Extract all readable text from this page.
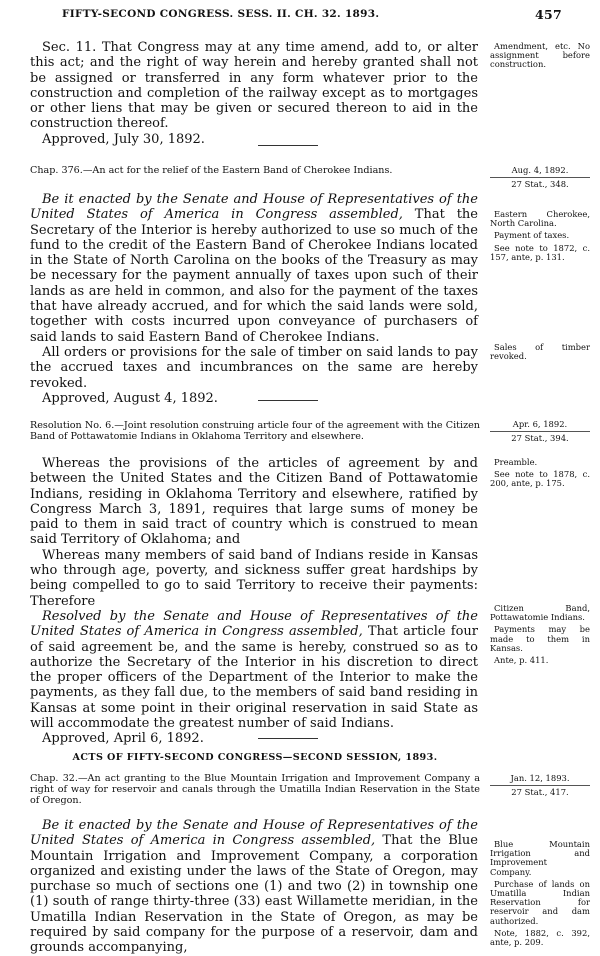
FIFTY-SECOND CONGRESS. SESS. II. CH. 32. 1893.	457

Sec. 11. That Congress may at any time amend, add to, or alter this act; and the right of way herein and hereby granted shall not be assigned or transferred in any form whatever prior to the construction and completion of the railway except as to mortgages or other liens that may be given or secured thereon to aid in the construction thereof.

Approved, July 30, 1892.

Amendment, etc. No assignment before construction.
Chap. 376.—An act for the relief of the Eastern Band of Cherokee Indians.	Aug. 4, 1892.
27 Stat., 348.

Be it enacted by the Senate and House of Representatives of the United States of America in Congress assembled, That the Secretary of the Interior is hereby authorized to use so much of the fund to the credit of the Eastern Band of Cherokee Indians located in the State of North Carolina on the books of the Treasury as may be necessary for the payment annually of taxes upon such of their lands as are held in common, and also for the payment of the taxes that have already accrued, and for which the said lands were sold, together with costs incurred upon conveyance of purchasers of said lands to said Eastern Band of Cherokee Indians.

All orders or provisions for the sale of timber on said lands to pay the accrued taxes and incumbrances on the same are hereby revoked.

Approved, August 4, 1892.

Eastern Cherokee, North Carolina.
Payment of taxes.
See note to 1872, c. 157, ante, p. 131.
Sales of timber revoked.
Resolution No. 6.—Joint resolution construing article four of the agreement with the Citizen Band of Pottawatomie Indians in Oklahoma Territory and elsewhere.
Apr. 6, 1892.
27 Stat., 394.

Whereas the provisions of the articles of agreement by and between the United States and the Citizen Band of Pottawatomie Indians, residing in Oklahoma Territory and elsewhere, ratified by Congress March 3, 1891, requires that large sums of money be paid to them in said tract of country which is construed to mean said Territory of Oklahoma; and

Whereas many members of said band of Indians reside in Kansas who through age, poverty, and sickness suffer great hardships by being compelled to go to said Territory to receive their payments: Therefore

Resolved by the Senate and House of Representatives of the United States of America in Congress assembled, That article four of said agreement be, and the same is hereby, construed so as to authorize the Secretary of the Interior in his discretion to direct the proper officers of the Department of the Interior to make the payments, as they fall due, to the members of said band residing in Kansas at some point in their original reservation in said State as will accommodate the greatest number of said Indians.

Approved, April 6, 1892.

Preamble.
See note to 1878, c. 200, ante, p. 175.
Citizen Band, Pottawatomie Indians.
Payments may be made to them in Kansas.
Ante, p. 411.
ACTS OF FIFTY-SECOND CONGRESS—SECOND SESSION, 1893.
Chap. 32.—An act granting to the Blue Mountain Irrigation and Improvement Company a right of way for reservoir and canals through the Umatilla Indian Reservation in the State of Oregon.
Jan. 12, 1893.
27 Stat., 417.

Be it enacted by the Senate and House of Representatives of the United States of America in Congress assembled, That the Blue Mountain Irrigation and Improvement Company, a corporation organized and existing under the laws of the State of Oregon, may purchase so much of sections one (1) and two (2) in township one (1) south of range thirty-three (33) east Willamette meridian, in the Umatilla Indian Reservation in the State of Oregon, as may be required by said company for the purpose of a reservoir, dam and grounds accompanying,

Blue Mountain Irrigation and Improvement Company.
Purchase of lands on Umatilla Indian Reservation for reservoir and dam authorized.
Note, 1882, c. 392, ante, p. 209.
